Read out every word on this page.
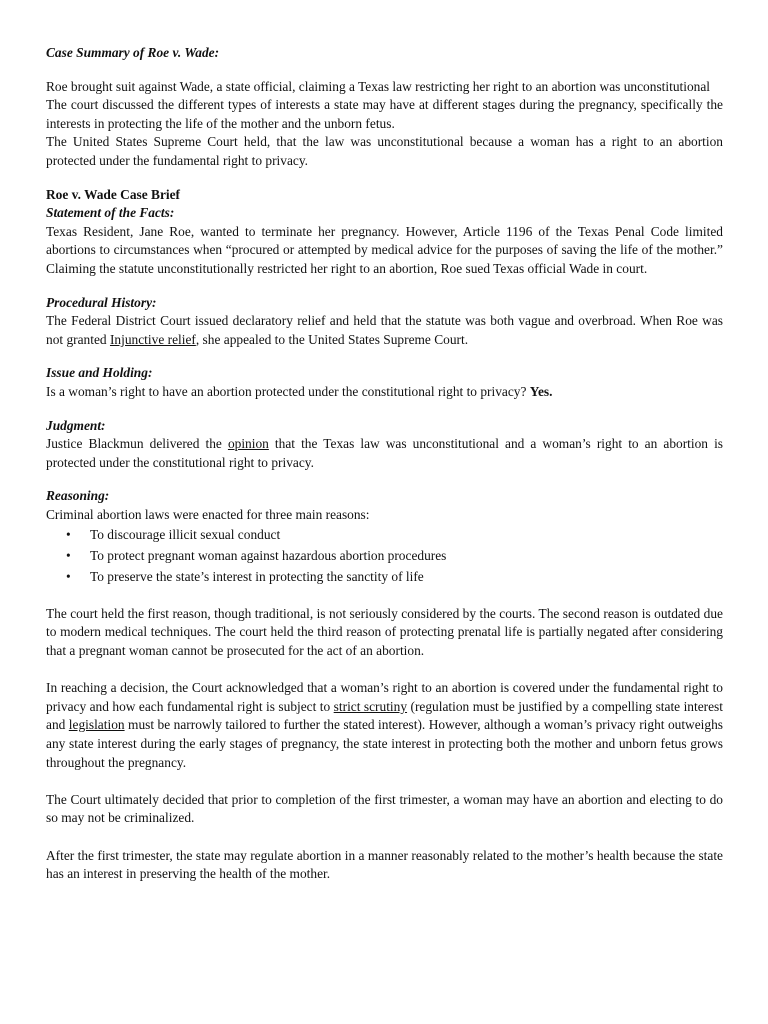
Case Summary of Roe v. Wade:

Roe brought suit against Wade, a state official, claiming a Texas law restricting her right to an abortion was unconstitutional

The court discussed the different types of interests a state may have at different stages during the pregnancy, specifically the interests in protecting the life of the mother and the unborn fetus.

The United States Supreme Court held, that the law was unconstitutional because a woman has a right to an abortion protected under the fundamental right to privacy.

Roe v. Wade Case Brief

Statement of the Facts:

Texas Resident, Jane Roe, wanted to terminate her pregnancy. However, Article 1196 of the Texas Penal Code limited abortions to circumstances when “procured or attempted by medical advice for the purposes of saving the life of the mother.” Claiming the statute unconstitutionally restricted her right to an abortion, Roe sued Texas official Wade in court.

Procedural History:

The Federal District Court issued declaratory relief and held that the statute was both vague and overbroad. When Roe was not granted Injunctive relief, she appealed to the United States Supreme Court.

Issue and Holding:

Is a woman’s right to have an abortion protected under the constitutional right to privacy? Yes.

Judgment:

Justice Blackmun delivered the opinion that the Texas law was unconstitutional and a woman’s right to an abortion is protected under the constitutional right to privacy.

Reasoning:

Criminal abortion laws were enacted for three main reasons:

• To discourage illicit sexual conduct
• To protect pregnant woman against hazardous abortion procedures
• To preserve the state’s interest in protecting the sanctity of life

The court held the first reason, though traditional, is not seriously considered by the courts. The second reason is outdated due to modern medical techniques. The court held the third reason of protecting prenatal life is partially negated after considering that a pregnant woman cannot be prosecuted for the act of an abortion.

In reaching a decision, the Court acknowledged that a woman’s right to an abortion is covered under the fundamental right to privacy and how each fundamental right is subject to strict scrutiny (regulation must be justified by a compelling state interest and legislation must be narrowly tailored to further the stated interest). However, although a woman’s privacy right outweighs any state interest during the early stages of pregnancy, the state interest in protecting both the mother and unborn fetus grows throughout the pregnancy.

The Court ultimately decided that prior to completion of the first trimester, a woman may have an abortion and electing to do so may not be criminalized.

After the first trimester, the state may regulate abortion in a manner reasonably related to the mother’s health because the state has an interest in preserving the health of the mother.
